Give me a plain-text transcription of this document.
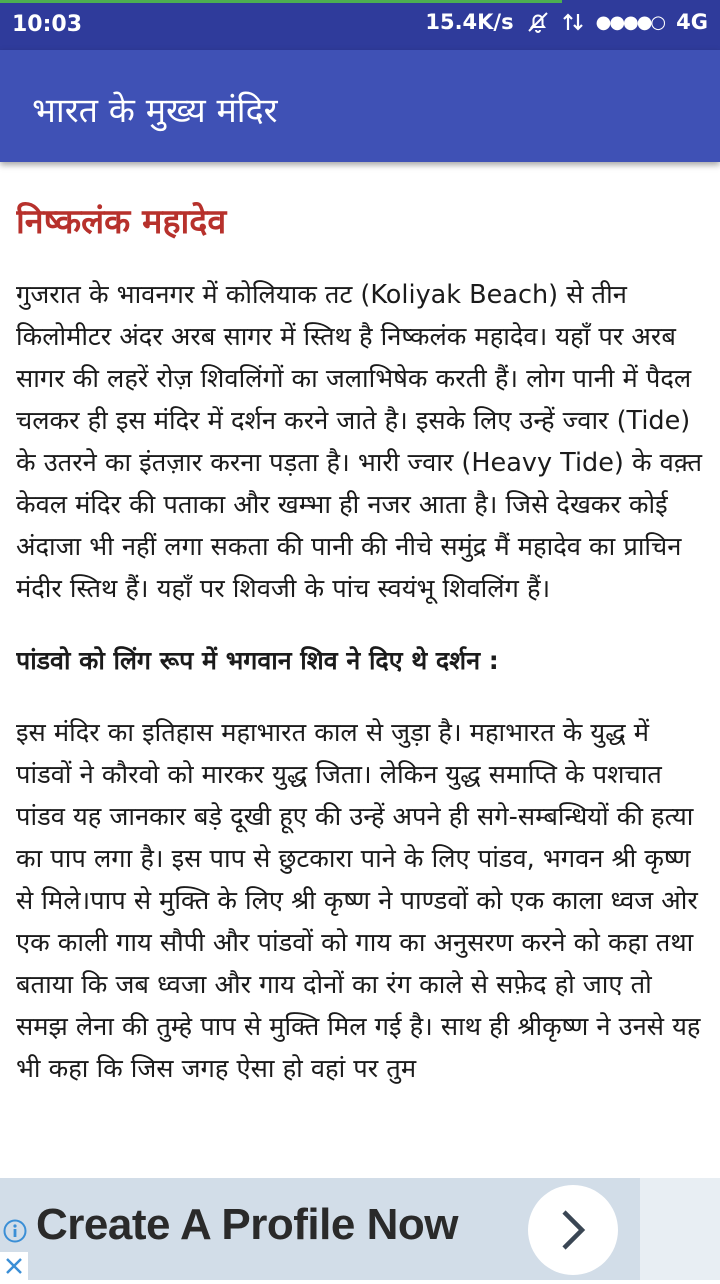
10:03	15.4K/s	●●●●○ 4G
भारत के मुख्य मंदिर
निष्कलंक महादेव

गुजरात के भावनगर में कोलियाक तट (Koliyak Beach) से तीन किलोमीटर अंदर अरब सागर में स्तिथ है निष्कलंक महादेव। यहाँ पर अरब सागर की लहरें रोज़ शिवलिंगों का जलाभिषेक करती हैं। लोग पानी में पैदल चलकर ही इस मंदिर में दर्शन करने जाते है। इसके लिए उन्हें ज्वार (Tide) के उतरने का इंतज़ार करना पड़ता है। भारी ज्वार (Heavy Tide) के वक़्त केवल मंदिर की पताका और खम्भा ही नजर आता है। जिसे देखकर कोई अंदाजा भी नहीं लगा सकता की पानी की नीचे समुंद्र मैं महादेव का प्राचिन मंदीर स्तिथ हैं। यहाँ पर शिवजी के पांच स्वयंभू शिवलिंग हैं।

पांडवो को लिंग रूप में भगवान शिव ने दिए थे दर्शन :

इस मंदिर का इतिहास महाभारत काल से जुड़ा है। महाभारत के युद्ध में पांडवों ने कौरवो को मारकर युद्ध जिता। लेकिन युद्ध समाप्ति के पशचात पांडव यह जानकार बड़े दूखी हूए की उन्हें अपने ही सगे-सम्बन्धियों की हत्या का पाप लगा है। इस पाप से छुटकारा पाने के लिए पांडव, भगवन श्री कृष्ण से मिले।पाप से मुक्ति के लिए श्री कृष्ण ने पाण्डवों को एक काला ध्वज ओर एक काली गाय सौपी और पांडवों को गाय का अनुसरण करने को कहा तथा बताया कि जब ध्वजा और गाय दोनों का रंग काले से सफ़ेद हो जाए तो समझ लेना की तुम्हे पाप से मुक्ति मिल गई है। साथ ही श्रीकृष्ण ने उनसे यह भी कहा कि जिस जगह ऐसा हो वहां पर तुम

Create A Profile Now
